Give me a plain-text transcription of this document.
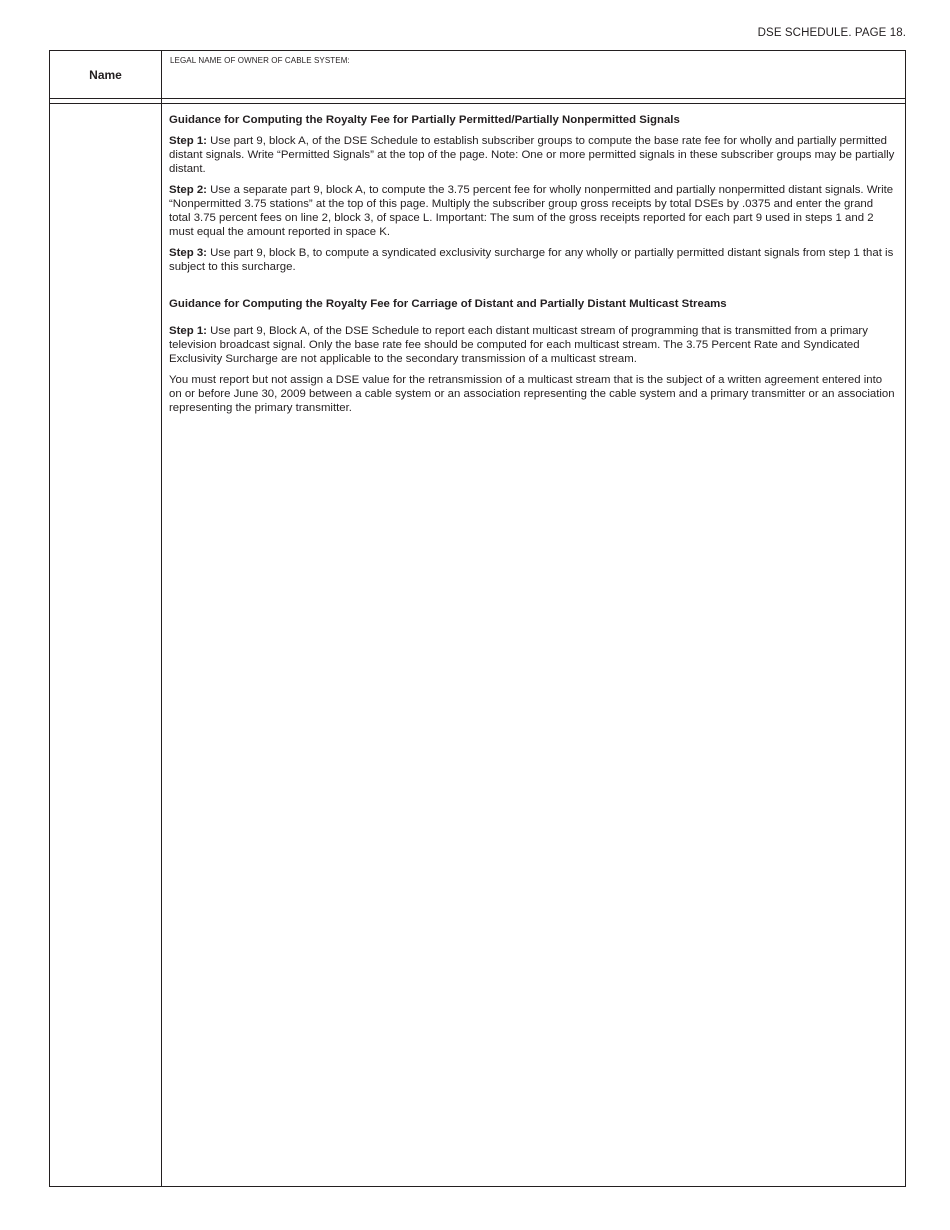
DSE SCHEDULE. PAGE 18.
Name
LEGAL NAME OF OWNER OF CABLE SYSTEM:
Guidance for Computing the Royalty Fee for Partially Permitted/Partially Nonpermitted Signals

Step 1: Use part 9, block A, of the DSE Schedule to establish subscriber groups to compute the base rate fee for wholly and partially permitted distant signals. Write “Permitted Signals” at the top of the page. Note: One or more permitted signals in these subscriber groups may be partially distant.

Step 2: Use a separate part 9, block A, to compute the 3.75 percent fee for wholly nonpermitted and partially nonpermitted distant signals. Write “Nonpermitted 3.75 stations” at the top of this page. Multiply the subscriber group gross receipts by total DSEs by .0375 and enter the grand total 3.75 percent fees on line 2, block 3, of space L. Important: The sum of the gross receipts reported for each part 9 used in steps 1 and 2 must equal the amount reported in space K.

Step 3: Use part 9, block B, to compute a syndicated exclusivity surcharge for any wholly or partially permitted distant signals from step 1 that is subject to this surcharge.

Guidance for Computing the Royalty Fee for Carriage of Distant and Partially Distant Multicast Streams

Step 1: Use part 9, Block A, of the DSE Schedule to report each distant multicast stream of programming that is transmitted from a primary television broadcast signal. Only the base rate fee should be computed for each multicast stream. The 3.75 Percent Rate and Syndicated Exclusivity Surcharge are not applicable to the secondary transmission of a multicast stream.

You must report but not assign a DSE value for the retransmission of a multicast stream that is the subject of a written agreement entered into on or before June 30, 2009 between a cable system or an association representing the cable system and a primary transmitter or an association representing the primary transmitter.
